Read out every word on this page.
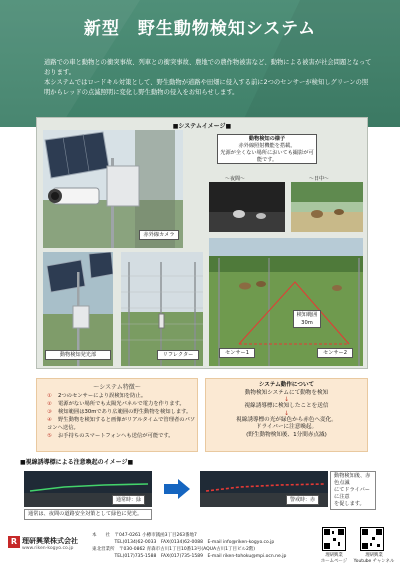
新型　野生動物検知システム

道路での車と動物との衝突事故、列車との衝突事故、農地での農作物被害など、動物による被害が社会問題となっております。

本システムではロードキル対策として、野生動物が道路や田畑に侵入する前に2つのセンサーが検知しグリーンの照明からレッドの点滅照明に変化し野生動物の侵入をお知らせします。

■システムイメージ■
赤外線カメラ
動物検知の様子
赤外線照射機能を搭載。
光源が全くない場所においても撮影が可能です。
～夜間～	～日中～
動物検知発光部	リフレクター
検知範囲
30m
センサー1	センサー2
～システム特徴～
① 2つのセンサーにより誤検知を防止。
② 電源がない場所でも太陽光パネルで電力を作ります。
③ 検知範囲は30mであり広範囲の野生動物を検知します。
④ 野生動物を検知すると画像がリアルタイムで管理者のパソコンへ送信。
⑤ お手持ちのスマートフォンへも送信が可能です。
システム動作について
動物検知システムにて動物を検知
↓
視線誘導標に検知したことを送信
↓
視線誘導標の光が緑色から赤色へ変化。
ドライバーに注意喚起。
(野生動物検知後、1分間赤点滅)
■視線誘導標による注意喚起のイメージ■
通常時：緑	警戒時：赤
通常は、夜間の道路安全対策として緑色に発光。
動物検知後、赤色点滅
にてドライバーに注意
を促します。
R 理研興業株式会社
www.riken-kogyo.co.jp
本　　社　〒047-0261 小樽市銭函3丁目263番地7
　　　　　TEL(0134)62-0033　FAX(0134)62-0088　E-mail info@riken-kogyo.co.jp
東北営業所　〒030-0862 青森市古川1丁目10番13号(AQUA古川1丁目ビル2階)
　　　　　TEL(017)735-1588　FAX(017)735-1589　E-mail riken-tohoku@mpi.ocn.ne.jp	理研興業	理研興業
ホームページ	Youtube チャンネル
